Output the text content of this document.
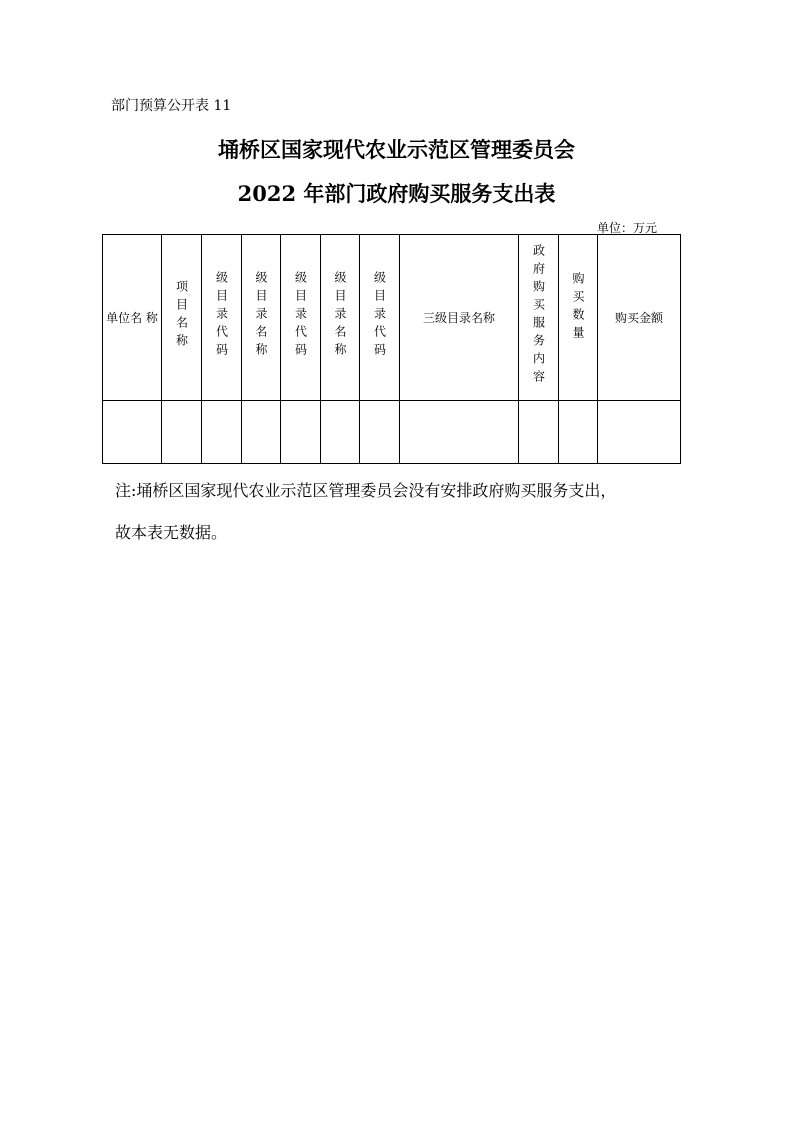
部门预算公开表 11
埇桥区国家现代农业示范区管理委员会
2022 年部门政府购买服务支出表
单位：万元
单位名 称	项目名称	级目录代码	级目录名称	级目录代码	级目录名称	级目录代码	三级目录名称	政府购买服务内容	购买数量	购买金额

注:埇桥区国家现代农业示范区管理委员会没有安排政府购买服务支出，
故本表无数据。
